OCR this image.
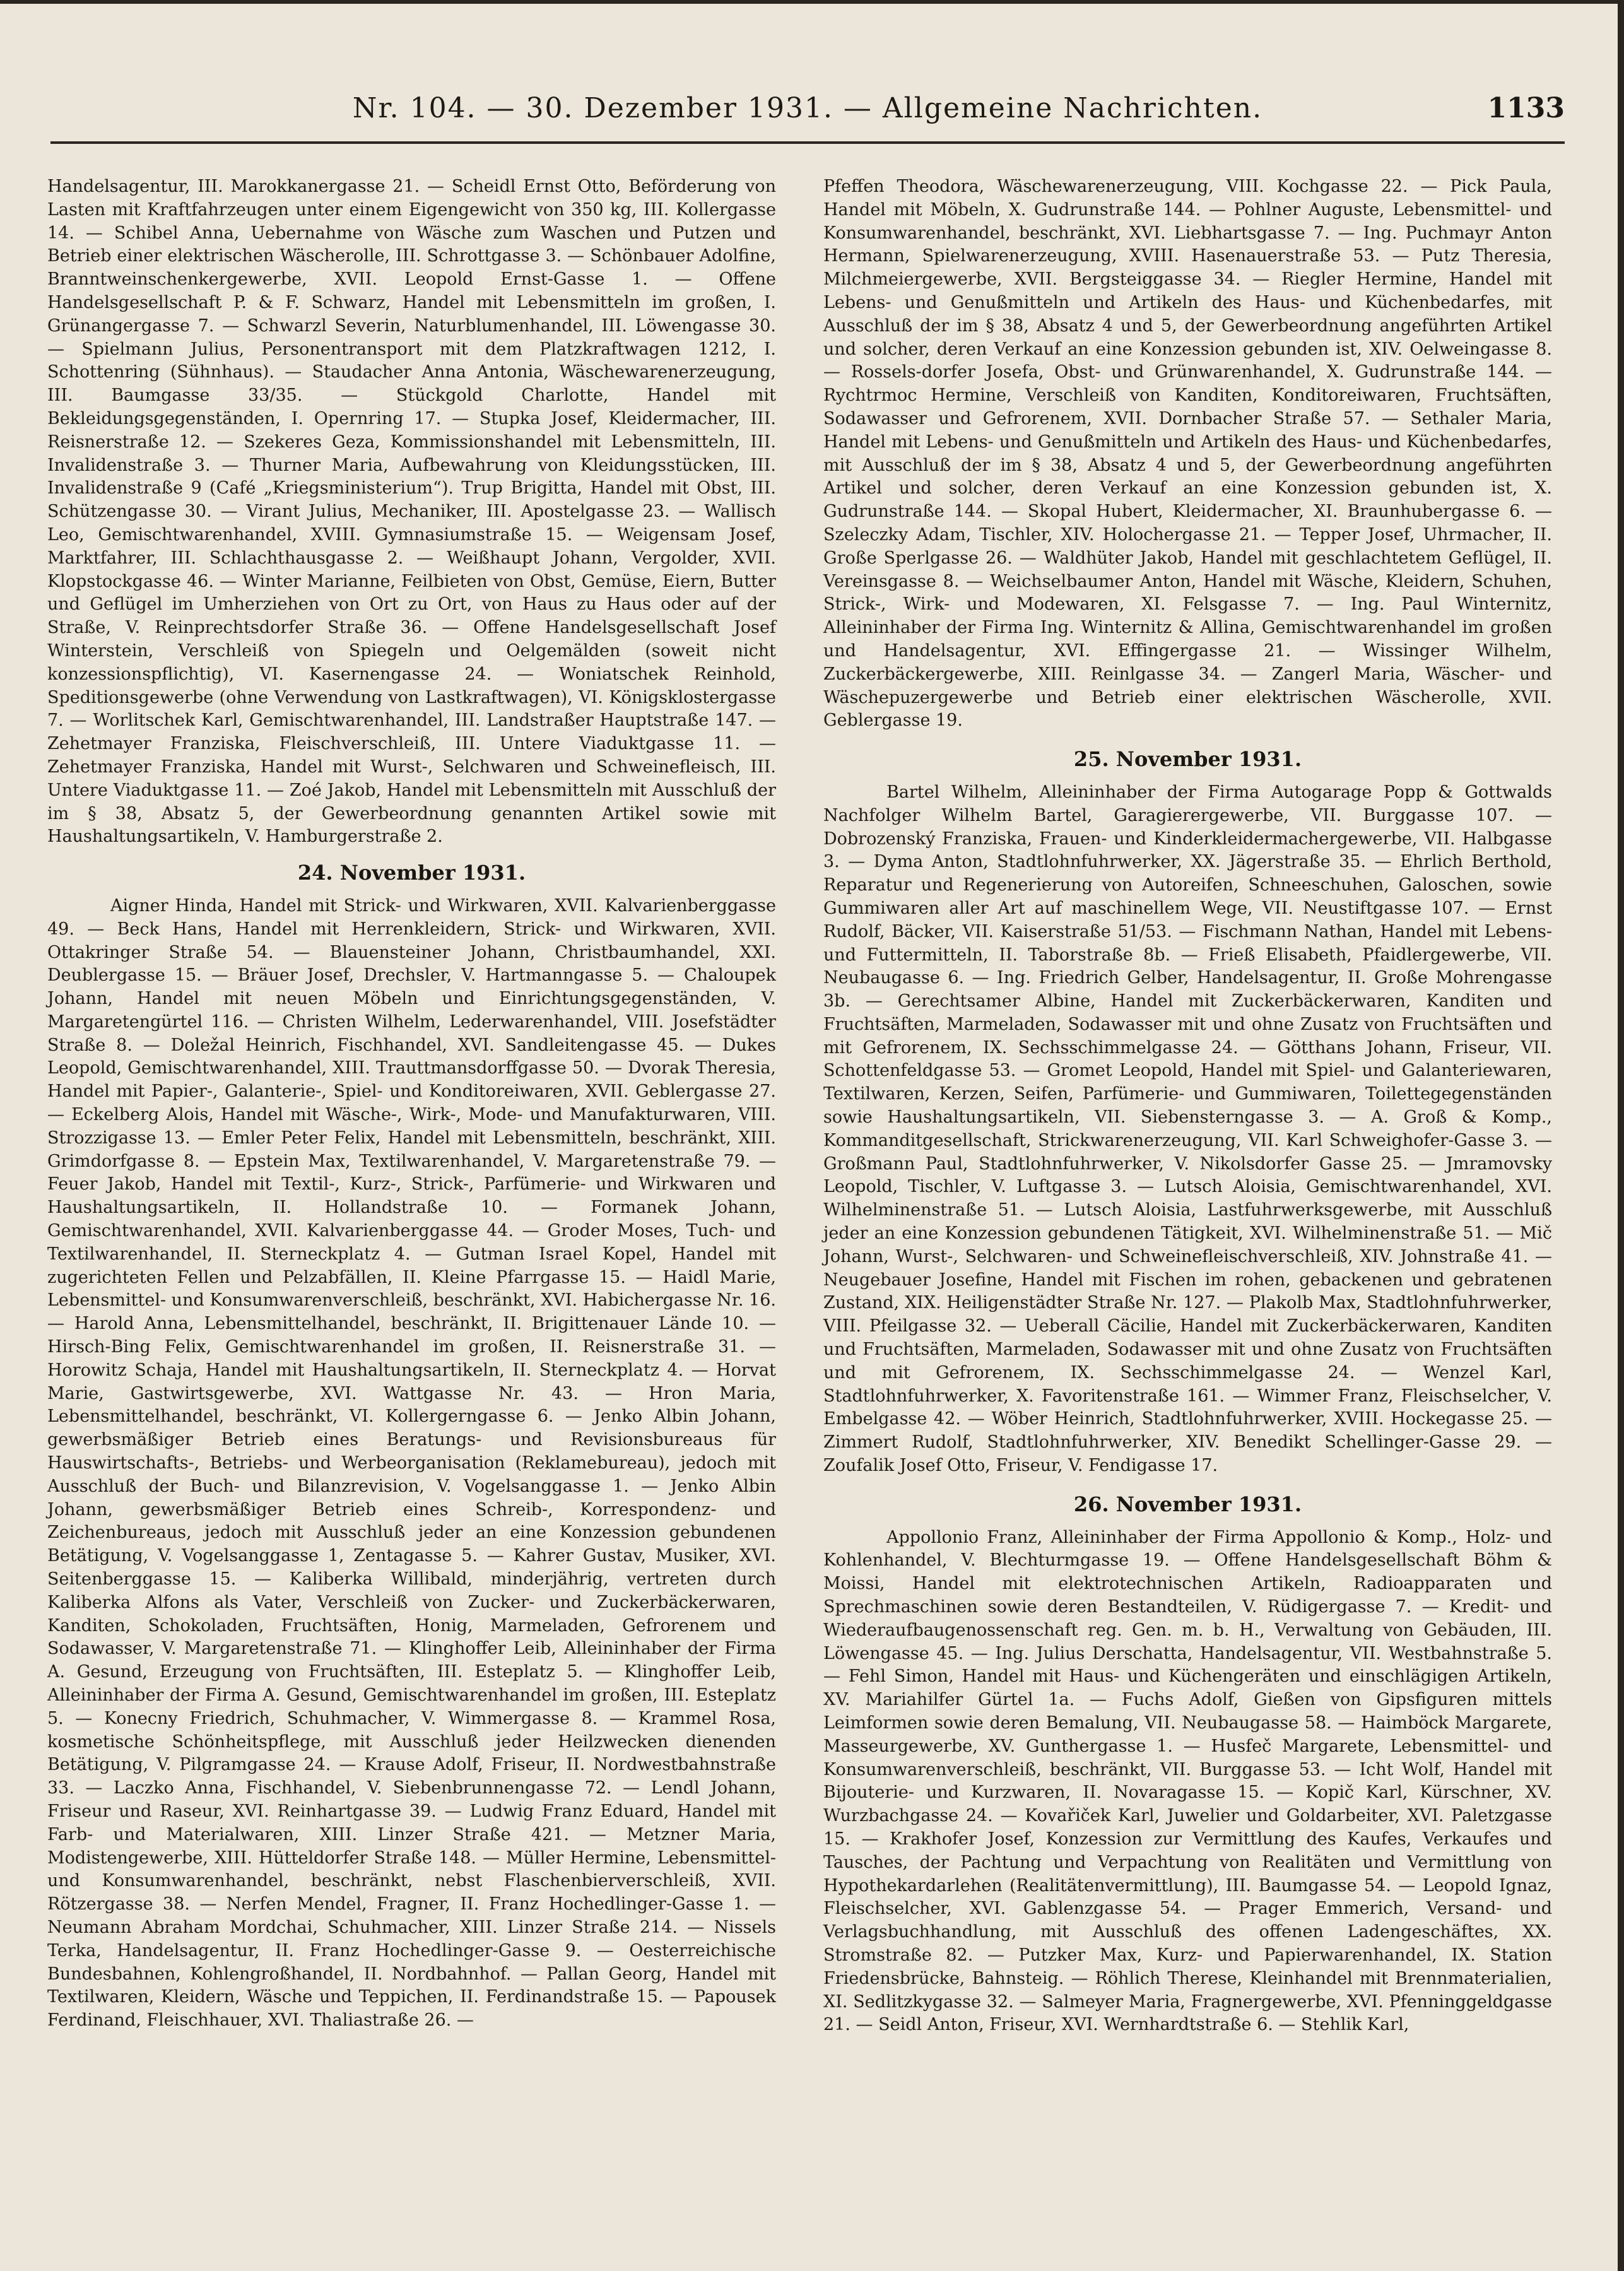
Nr. 104. — 30. Dezember 1931. — Allgemeine Nachrichten.	1133

Handelsagentur, III. Marokkanergasse 21. — Scheidl Ernst Otto, Beförderung von Lasten mit Kraftfahrzeugen unter einem Eigengewicht von 350 kg, III. Kollergasse 14. — Schibel Anna, Uebernahme von Wäsche zum Waschen und Putzen und Betrieb einer elektrischen Wäscherolle, III. Schrottgasse 3. — Schönbauer Adolfine, Branntweinschenkergewerbe, XVII. Leopold Ernst-Gasse 1. — Offene Handelsgesellschaft P. & F. Schwarz, Handel mit Lebensmitteln im großen, I. Grünangergasse 7. — Schwarzl Severin, Naturblumenhandel, III. Löwengasse 30. — Spielmann Julius, Personentransport mit dem Platzkraftwagen 1212, I. Schottenring (Sühnhaus). — Staudacher Anna Antonia, Wäschewarenerzeugung, III. Baumgasse 33/35. — Stückgold Charlotte, Handel mit Bekleidungsgegenständen, I. Opernring 17. — Stupka Josef, Kleidermacher, III. Reisnerstraße 12. — Szekeres Geza, Kommissionshandel mit Lebensmitteln, III. Invalidenstraße 3. — Thurner Maria, Aufbewahrung von Kleidungsstücken, III. Invalidenstraße 9 (Café „Kriegsministerium“). Trup Brigitta, Handel mit Obst, III. Schützengasse 30. — Virant Julius, Mechaniker, III. Apostelgasse 23. — Wallisch Leo, Gemischtwarenhandel, XVIII. Gymnasiumstraße 15. — Weigensam Josef, Marktfahrer, III. Schlachthausgasse 2. — Weißhaupt Johann, Vergolder, XVII. Klopstockgasse 46. — Winter Marianne, Feilbieten von Obst, Gemüse, Eiern, Butter und Geflügel im Umherziehen von Ort zu Ort, von Haus zu Haus oder auf der Straße, V. Reinprechtsdorfer Straße 36. — Offene Handelsgesellschaft Josef Winterstein, Verschleiß von Spiegeln und Oelgemälden (soweit nicht konzessionspflichtig), VI. Kasernengasse 24. — Woniatschek Reinhold, Speditionsgewerbe (ohne Verwendung von Lastkraftwagen), VI. Königsklostergasse 7. — Worlitschek Karl, Gemischtwarenhandel, III. Landstraßer Hauptstraße 147. — Zehetmayer Franziska, Fleischverschleiß, III. Untere Viaduktgasse 11. — Zehetmayer Franziska, Handel mit Wurst-, Selchwaren und Schweinefleisch, III. Untere Viaduktgasse 11. — Zoé Jakob, Handel mit Lebensmitteln mit Ausschluß der im § 38, Absatz 5, der Gewerbeordnung genannten Artikel sowie mit Haushaltungsartikeln, V. Hamburgerstraße 2.

24. November 1931.

Aigner Hinda, Handel mit Strick- und Wirkwaren, XVII. Kalvarienberggasse 49. — Beck Hans, Handel mit Herrenkleidern, Strick- und Wirkwaren, XVII. Ottakringer Straße 54. — Blauensteiner Johann, Christbaumhandel, XXI. Deublergasse 15. — Bräuer Josef, Drechsler, V. Hartmanngasse 5. — Chaloupek Johann, Handel mit neuen Möbeln und Einrichtungsgegenständen, V. Margaretengürtel 116. — Christen Wilhelm, Lederwarenhandel, VIII. Josefstädter Straße 8. — Doležal Heinrich, Fischhandel, XVI. Sandleitengasse 45. — Dukes Leopold, Gemischtwarenhandel, XIII. Trauttmansdorffgasse 50. — Dvorak Theresia, Handel mit Papier-, Galanterie-, Spiel- und Konditoreiwaren, XVII. Geblergasse 27. — Eckelberg Alois, Handel mit Wäsche-, Wirk-, Mode- und Manufakturwaren, VIII. Strozzigasse 13. — Emler Peter Felix, Handel mit Lebensmitteln, beschränkt, XIII. Grimdorfgasse 8. — Epstein Max, Textilwarenhandel, V. Margaretenstraße 79. — Feuer Jakob, Handel mit Textil-, Kurz-, Strick-, Parfümerie- und Wirkwaren und Haushaltungsartikeln, II. Hollandstraße 10. — Formanek Johann, Gemischtwarenhandel, XVII. Kalvarienberggasse 44. — Groder Moses, Tuch- und Textilwarenhandel, II. Sterneckplatz 4. — Gutman Israel Kopel, Handel mit zugerichteten Fellen und Pelzabfällen, II. Kleine Pfarrgasse 15. — Haidl Marie, Lebensmittel- und Konsumwarenverschleiß, beschränkt, XVI. Habichergasse Nr. 16. — Harold Anna, Lebensmittelhandel, beschränkt, II. Brigittenauer Lände 10. — Hirsch-Bing Felix, Gemischtwarenhandel im großen, II. Reisnerstraße 31. — Horowitz Schaja, Handel mit Haushaltungsartikeln, II. Sterneckplatz 4. — Horvat Marie, Gastwirtsgewerbe, XVI. Wattgasse Nr. 43. — Hron Maria, Lebensmittelhandel, beschränkt, VI. Kollergerngasse 6. — Jenko Albin Johann, gewerbsmäßiger Betrieb eines Beratungs- und Revisionsbureaus für Hauswirtschafts-, Betriebs- und Werbeorganisation (Reklamebureau), jedoch mit Ausschluß der Buch- und Bilanzrevision, V. Vogelsanggasse 1. — Jenko Albin Johann, gewerbsmäßiger Betrieb eines Schreib-, Korrespondenz- und Zeichenbureaus, jedoch mit Ausschluß jeder an eine Konzession gebundenen Betätigung, V. Vogelsanggasse 1, Zentagasse 5. — Kahrer Gustav, Musiker, XVI. Seitenberggasse 15. — Kaliberka Willibald, minderjährig, vertreten durch Kaliberka Alfons als Vater, Verschleiß von Zucker- und Zuckerbäckerwaren, Kanditen, Schokoladen, Fruchtsäften, Honig, Marmeladen, Gefrorenem und Sodawasser, V. Margaretenstraße 71. — Klinghoffer Leib, Alleininhaber der Firma A. Gesund, Erzeugung von Fruchtsäften, III. Esteplatz 5. — Klinghoffer Leib, Alleininhaber der Firma A. Gesund, Gemischtwarenhandel im großen, III. Esteplatz 5. — Konecny Friedrich, Schuhmacher, V. Wimmergasse 8. — Krammel Rosa, kosmetische Schönheitspflege, mit Ausschluß jeder Heilzwecken dienenden Betätigung, V. Pilgramgasse 24. — Krause Adolf, Friseur, II. Nordwestbahnstraße 33. — Laczko Anna, Fischhandel, V. Siebenbrunnengasse 72. — Lendl Johann, Friseur und Raseur, XVI. Reinhartgasse 39. — Ludwig Franz Eduard, Handel mit Farb- und Materialwaren, XIII. Linzer Straße 421. — Metzner Maria, Modistengewerbe, XIII. Hütteldorfer Straße 148. — Müller Hermine, Lebensmittel- und Konsumwarenhandel, beschränkt, nebst Flaschenbierverschleiß, XVII. Rötzergasse 38. — Nerfen Mendel, Fragner, II. Franz Hochedlinger-Gasse 1. — Neumann Abraham Mordchai, Schuhmacher, XIII. Linzer Straße 214. — Nissels Terka, Handelsagentur, II. Franz Hochedlinger-Gasse 9. — Oesterreichische Bundesbahnen, Kohlengroßhandel, II. Nordbahnhof. — Pallan Georg, Handel mit Textilwaren, Kleidern, Wäsche und Teppichen, II. Ferdinandstraße 15. — Papousek Ferdinand, Fleischhauer, XVI. Thaliastraße 26. —

Pfeffen Theodora, Wäschewarenerzeugung, VIII. Kochgasse 22. — Pick Paula, Handel mit Möbeln, X. Gudrunstraße 144. — Pohlner Auguste, Lebensmittel- und Konsumwarenhandel, beschränkt, XVI. Liebhartsgasse 7. — Ing. Puchmayr Anton Hermann, Spielwarenerzeugung, XVIII. Hasenauerstraße 53. — Putz Theresia, Milchmeiergewerbe, XVII. Bergsteiggasse 34. — Riegler Hermine, Handel mit Lebens- und Genußmitteln und Artikeln des Haus- und Küchenbedarfes, mit Ausschluß der im § 38, Absatz 4 und 5, der Gewerbeordnung angeführten Artikel und solcher, deren Verkauf an eine Konzession gebunden ist, XIV. Oelweingasse 8. — Rossels-dorfer Josefa, Obst- und Grünwarenhandel, X. Gudrunstraße 144. — Rychtrmoc Hermine, Verschleiß von Kanditen, Konditoreiwaren, Fruchtsäften, Sodawasser und Gefrorenem, XVII. Dornbacher Straße 57. — Sethaler Maria, Handel mit Lebens- und Genußmitteln und Artikeln des Haus- und Küchenbedarfes, mit Ausschluß der im § 38, Absatz 4 und 5, der Gewerbeordnung angeführten Artikel und solcher, deren Verkauf an eine Konzession gebunden ist, X. Gudrunstraße 144. — Skopal Hubert, Kleidermacher, XI. Braunhubergasse 6. — Szeleczky Adam, Tischler, XIV. Holochergasse 21. — Tepper Josef, Uhrmacher, II. Große Sperlgasse 26. — Waldhüter Jakob, Handel mit geschlachtetem Geflügel, II. Vereinsgasse 8. — Weichselbaumer Anton, Handel mit Wäsche, Kleidern, Schuhen, Strick-, Wirk- und Modewaren, XI. Felsgasse 7. — Ing. Paul Winternitz, Alleininhaber der Firma Ing. Winternitz & Allina, Gemischtwarenhandel im großen und Handelsagentur, XVI. Effingergasse 21. — Wissinger Wilhelm, Zuckerbäckergewerbe, XIII. Reinlgasse 34. — Zangerl Maria, Wäscher- und Wäschepuzergewerbe und Betrieb einer elektrischen Wäscherolle, XVII. Geblergasse 19.

25. November 1931.

Bartel Wilhelm, Alleininhaber der Firma Autogarage Popp & Gottwalds Nachfolger Wilhelm Bartel, Garagierergewerbe, VII. Burggasse 107. — Dobrozenský Franziska, Frauen- und Kinderkleidermachergewerbe, VII. Halbgasse 3. — Dyma Anton, Stadtlohnfuhrwerker, XX. Jägerstraße 35. — Ehrlich Berthold, Reparatur und Regenerierung von Autoreifen, Schneeschuhen, Galoschen, sowie Gummiwaren aller Art auf maschinellem Wege, VII. Neustiftgasse 107. — Ernst Rudolf, Bäcker, VII. Kaiserstraße 51/53. — Fischmann Nathan, Handel mit Lebens- und Futtermitteln, II. Taborstraße 8b. — Frieß Elisabeth, Pfaidlergewerbe, VII. Neubaugasse 6. — Ing. Friedrich Gelber, Handelsagentur, II. Große Mohrengasse 3b. — Gerechtsamer Albine, Handel mit Zuckerbäckerwaren, Kanditen und Fruchtsäften, Marmeladen, Sodawasser mit und ohne Zusatz von Fruchtsäften und mit Gefrorenem, IX. Sechsschimmelgasse 24. — Götthans Johann, Friseur, VII. Schottenfeldgasse 53. — Gromet Leopold, Handel mit Spiel- und Galanteriewaren, Textilwaren, Kerzen, Seifen, Parfümerie- und Gummiwaren, Toilettegegenständen sowie Haushaltungsartikeln, VII. Siebensterngasse 3. — A. Groß & Komp., Kommanditgesellschaft, Strickwarenerzeugung, VII. Karl Schweighofer-Gasse 3. — Großmann Paul, Stadtlohnfuhrwerker, V. Nikolsdorfer Gasse 25. — Jmramovsky Leopold, Tischler, V. Luftgasse 3. — Lutsch Aloisia, Gemischtwarenhandel, XVI. Wilhelminenstraße 51. — Lutsch Aloisia, Lastfuhrwerksgewerbe, mit Ausschluß jeder an eine Konzession gebundenen Tätigkeit, XVI. Wilhelminenstraße 51. — Mič Johann, Wurst-, Selchwaren- und Schweinefleischverschleiß, XIV. Johnstraße 41. — Neugebauer Josefine, Handel mit Fischen im rohen, gebackenen und gebratenen Zustand, XIX. Heiligenstädter Straße Nr. 127. — Plakolb Max, Stadtlohnfuhrwerker, VIII. Pfeilgasse 32. — Ueberall Cäcilie, Handel mit Zuckerbäckerwaren, Kanditen und Fruchtsäften, Marmeladen, Sodawasser mit und ohne Zusatz von Fruchtsäften und mit Gefrorenem, IX. Sechsschimmelgasse 24. — Wenzel Karl, Stadtlohnfuhrwerker, X. Favoritenstraße 161. — Wimmer Franz, Fleischselcher, V. Embelgasse 42. — Wöber Heinrich, Stadtlohnfuhrwerker, XVIII. Hockegasse 25. — Zimmert Rudolf, Stadtlohnfuhrwerker, XIV. Benedikt Schellinger-Gasse 29. — Zoufalik Josef Otto, Friseur, V. Fendigasse 17.

26. November 1931.

Appollonio Franz, Alleininhaber der Firma Appollonio & Komp., Holz- und Kohlenhandel, V. Blechturmgasse 19. — Offene Handelsgesellschaft Böhm & Moissi, Handel mit elektrotechnischen Artikeln, Radioapparaten und Sprechmaschinen sowie deren Bestandteilen, V. Rüdigergasse 7. — Kredit- und Wiederaufbaugenossenschaft reg. Gen. m. b. H., Verwaltung von Gebäuden, III. Löwengasse 45. — Ing. Julius Derschatta, Handelsagentur, VII. Westbahnstraße 5. — Fehl Simon, Handel mit Haus- und Küchengeräten und einschlägigen Artikeln, XV. Mariahilfer Gürtel 1a. — Fuchs Adolf, Gießen von Gipsfiguren mittels Leimformen sowie deren Bemalung, VII. Neubaugasse 58. — Haimböck Margarete, Masseurgewerbe, XV. Gunthergasse 1. — Husfeč Margarete, Lebensmittel- und Konsumwarenverschleiß, beschränkt, VII. Burggasse 53. — Icht Wolf, Handel mit Bijouterie- und Kurzwaren, II. Novaragasse 15. — Kopič Karl, Kürschner, XV. Wurzbachgasse 24. — Kovařiček Karl, Juwelier und Goldarbeiter, XVI. Paletzgasse 15. — Krakhofer Josef, Konzession zur Vermittlung des Kaufes, Verkaufes und Tausches, der Pachtung und Verpachtung von Realitäten und Vermittlung von Hypothekardarlehen (Realitätenvermittlung), III. Baumgasse 54. — Leopold Ignaz, Fleischselcher, XVI. Gablenzgasse 54. — Prager Emmerich, Versand- und Verlagsbuchhandlung, mit Ausschluß des offenen Ladengeschäftes, XX. Stromstraße 82. — Putzker Max, Kurz- und Papierwarenhandel, IX. Station Friedensbrücke, Bahnsteig. — Röhlich Therese, Kleinhandel mit Brennmaterialien, XI. Sedlitzkygasse 32. — Salmeyer Maria, Fragnergewerbe, XVI. Pfenninggeldgasse 21. — Seidl Anton, Friseur, XVI. Wernhardtstraße 6. — Stehlik Karl,
